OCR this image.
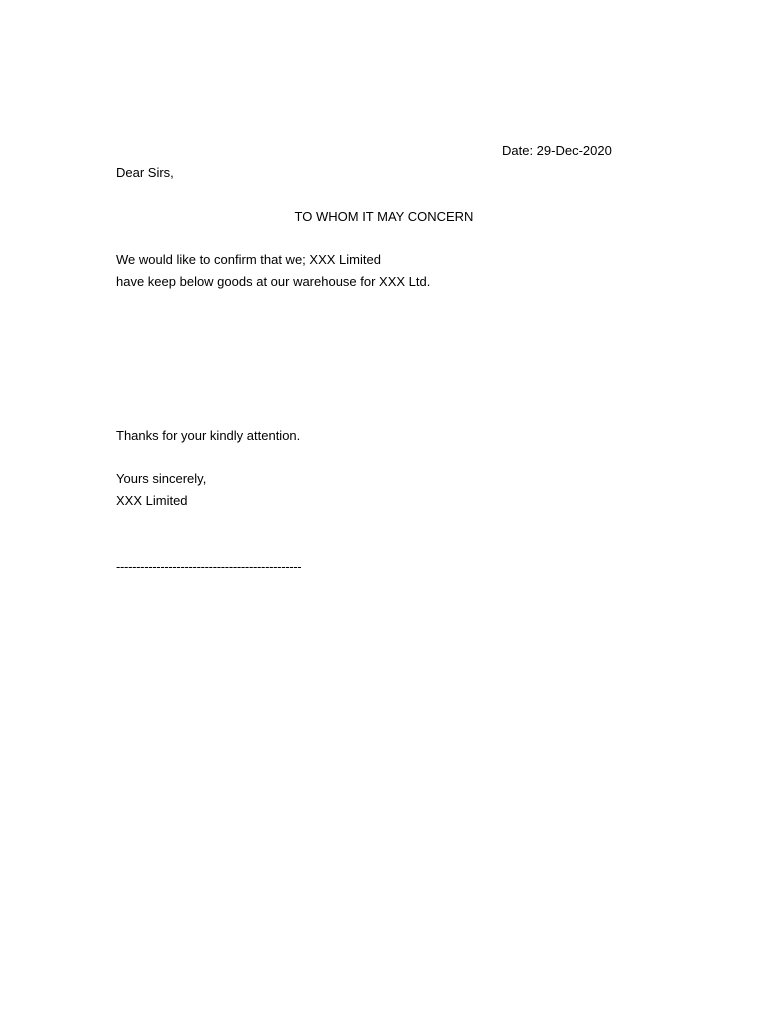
Date: 29-Dec-2020
Dear Sirs,
TO WHOM IT MAY CONCERN
We would like to confirm that we; XXX Limited
have keep below goods at our warehouse for XXX Ltd.
Thanks for your kindly attention.
Yours sincerely,
XXX Limited
----------------------------------------------
